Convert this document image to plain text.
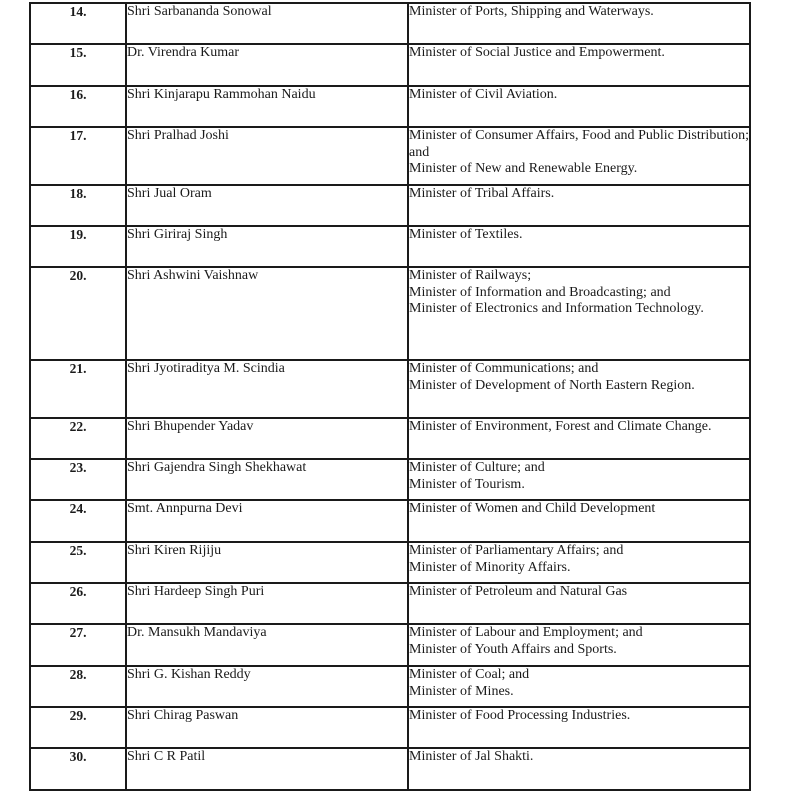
14.	Shri Sarbananda Sonowal	Minister of Ports, Shipping and Waterways.

15.	Dr. Virendra Kumar	Minister of Social Justice and Empowerment.

16.	Shri Kinjarapu Rammohan Naidu	Minister of Civil Aviation.

17.	Shri Pralhad Joshi	Minister of Consumer Affairs, Food and Public Distribution; and
Minister of New and Renewable Energy.

18.	Shri Jual Oram	Minister of Tribal Affairs.

19.	Shri Giriraj Singh	Minister of Textiles.

20.	Shri Ashwini Vaishnaw	Minister of Railways;
Minister of Information and Broadcasting; and
Minister of Electronics and Information Technology.

21.	Shri Jyotiraditya M. Scindia	Minister of Communications; and
Minister of Development of North Eastern Region.

22.	Shri Bhupender Yadav	Minister of Environment, Forest and Climate Change.

23.	Shri Gajendra Singh Shekhawat	Minister of Culture; and
Minister of Tourism.

24.	Smt. Annpurna Devi	Minister of Women and Child Development

25.	Shri Kiren Rijiju	Minister of Parliamentary Affairs; and
Minister of Minority Affairs.

26.	Shri Hardeep Singh Puri	Minister of Petroleum and Natural Gas

27.	Dr. Mansukh Mandaviya	Minister of Labour and Employment; and
Minister of Youth Affairs and Sports.

28.	Shri G. Kishan Reddy	Minister of Coal; and
Minister of Mines.

29.	Shri Chirag Paswan	Minister of Food Processing Industries.

30.	Shri C R Patil	Minister of Jal Shakti.
